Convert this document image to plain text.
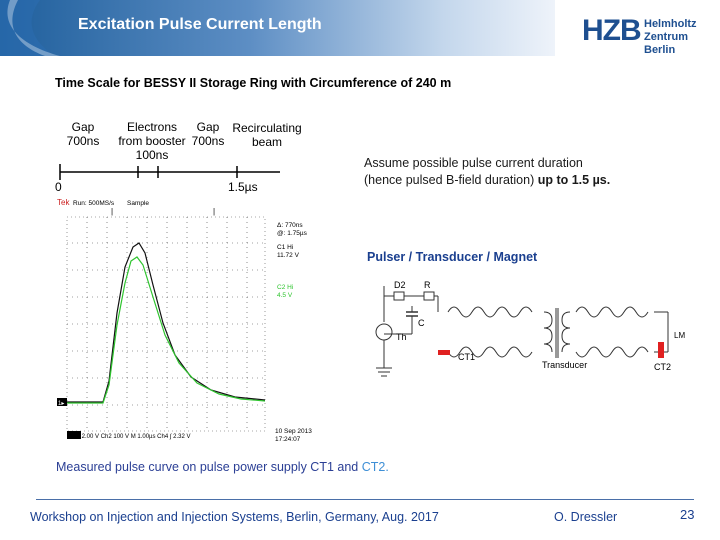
Excitation Pulse Current Length	HZB Helmholtz
Zentrum Berlin
Time Scale for BESSY II Storage Ring with Circumference of 240 m
Gap
700ns
Electrons
from booster
100ns
Gap
700ns
Recirculating
beam
0	1.5µs
Tek Run: 500MS/s Sample
|	|
Δ: 770ns
@: 1.75µs
C1 Hi
11.72 V
C2 Hi
4.5 V
1▸
Ch1 2.00 V Ch2 100 V M 1.00µs Ch4 ∫ 2.32 V
10 Sep 2013
17:24:07
Assume possible pulse current duration
(hence pulsed B-field duration) up to 1.5 µs.
Pulser / Transducer / Magnet
D2 R
C
Th
CT1
Transducer
LM
CT2
Measured pulse curve on pulse power supply CT1 and CT2.
Workshop on Injection and Injection Systems, Berlin, Germany, Aug. 2017	O. Dressler	23
